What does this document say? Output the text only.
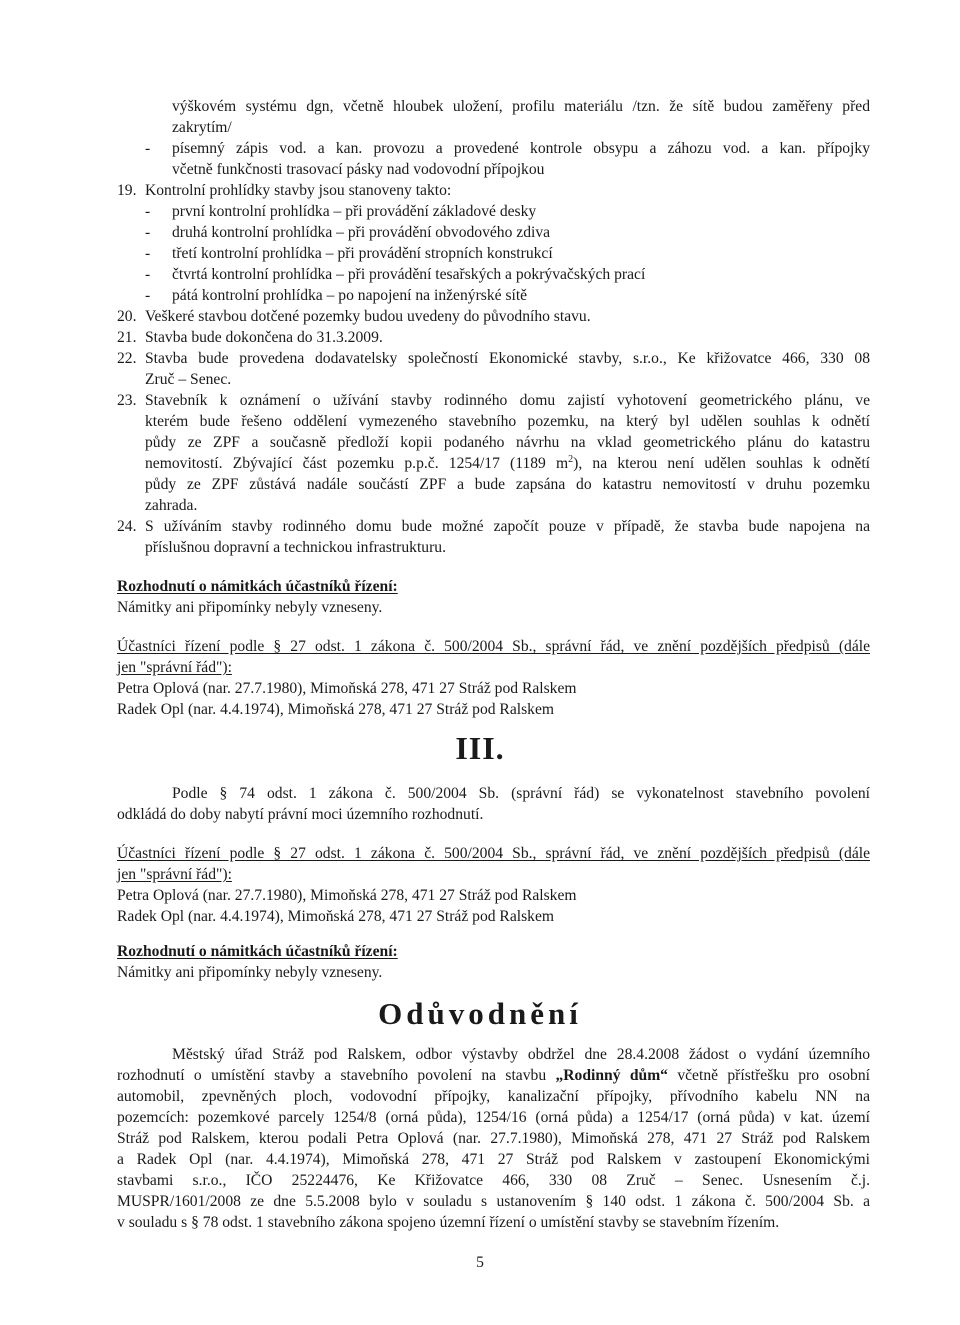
výškovém systému dgn, včetně hloubek uložení, profilu materiálu /tzn. že sítě budou zaměřeny před
zakrytím/
- písemný zápis vod. a kan. provozu a provedené kontrole obsypu a záhozu vod. a kan. přípojky
včetně funkčnosti trasovací pásky nad vodovodní přípojkou
19. Kontrolní prohlídky stavby jsou stanoveny takto:
- první kontrolní prohlídka – při provádění základové desky
- druhá kontrolní prohlídka – při provádění obvodového zdiva
- třetí kontrolní prohlídka – při provádění stropních konstrukcí
- čtvrtá kontrolní prohlídka – při provádění tesařských a pokrývačských prací
- pátá kontrolní prohlídka – po napojení na inženýrské sítě
20. Veškeré stavbou dotčené pozemky budou uvedeny do původního stavu.
21. Stavba bude dokončena do 31.3.2009.
22. Stavba bude provedena dodavatelsky společností Ekonomické stavby, s.r.o., Ke křižovatce 466, 330 08
Zruč – Senec.
23. Stavebník k oznámení o užívání stavby rodinného domu zajistí vyhotovení geometrického plánu, ve
kterém bude řešeno oddělení vymezeného stavebního pozemku, na který byl udělen souhlas k odnětí
půdy ze ZPF a současně předloží kopii podaného návrhu na vklad geometrického plánu do katastru
nemovitostí. Zbývající část pozemku p.p.č. 1254/17 (1189 $m^2$), na kterou není udělen souhlas k odnětí
půdy ze ZPF zůstává nadále součástí ZPF a bude zapsána do katastru nemovitostí v druhu pozemku
zahrada.
24. S užíváním stavby rodinného domu bude možné započít pouze v případě, že stavba bude napojena na
příslušnou dopravní a technickou infrastrukturu.
Rozhodnutí o námitkách účastníků řízení:
Námitky ani připomínky nebyly vzneseny.
Účastníci řízení podle § 27 odst. 1 zákona č. 500/2004 Sb., správní řád, ve znění pozdějších předpisů (dále
jen "správní řád"):
Petra Oplová (nar. 27.7.1980), Mimoňská 278, 471 27 Stráž pod Ralskem
Radek Opl (nar. 4.4.1974), Mimoňská 278, 471 27 Stráž pod Ralskem
III.
Podle § 74 odst. 1 zákona č. 500/2004 Sb. (správní řád) se vykonatelnost stavebního povolení
odkládá do doby nabytí právní moci územního rozhodnutí.
Účastníci řízení podle § 27 odst. 1 zákona č. 500/2004 Sb., správní řád, ve znění pozdějších předpisů (dále
jen "správní řád"):
Petra Oplová (nar. 27.7.1980), Mimoňská 278, 471 27 Stráž pod Ralskem
Radek Opl (nar. 4.4.1974), Mimoňská 278, 471 27 Stráž pod Ralskem
Rozhodnutí o námitkách účastníků řízení:
Námitky ani připomínky nebyly vzneseny.
Odůvodnění
Městský úřad Stráž pod Ralskem, odbor výstavby obdržel dne 28.4.2008 žádost o vydání územního
rozhodnutí o umístění stavby a stavebního povolení na stavbu „Rodinný dům“ včetně přístřešku pro osobní
automobil, zpevněných ploch, vodovodní přípojky, kanalizační přípojky, přívodního kabelu NN na
pozemcích: pozemkové parcely 1254/8 (orná půda), 1254/16 (orná půda) a 1254/17 (orná půda) v kat. území
Stráž pod Ralskem, kterou podali Petra Oplová (nar. 27.7.1980), Mimoňská 278, 471 27 Stráž pod Ralskem
a Radek Opl (nar. 4.4.1974), Mimoňská 278, 471 27 Stráž pod Ralskem v zastoupení Ekonomickými
stavbami s.r.o., IČO 25224476, Ke Křižovatce 466, 330 08 Zruč – Senec. Usnesením č.j.
MUSPR/1601/2008 ze dne 5.5.2008 bylo v souladu s ustanovením § 140 odst. 1 zákona č. 500/2004 Sb. a
v souladu s § 78 odst. 1 stavebního zákona spojeno územní řízení o umístění stavby se stavebním řízením.
5
